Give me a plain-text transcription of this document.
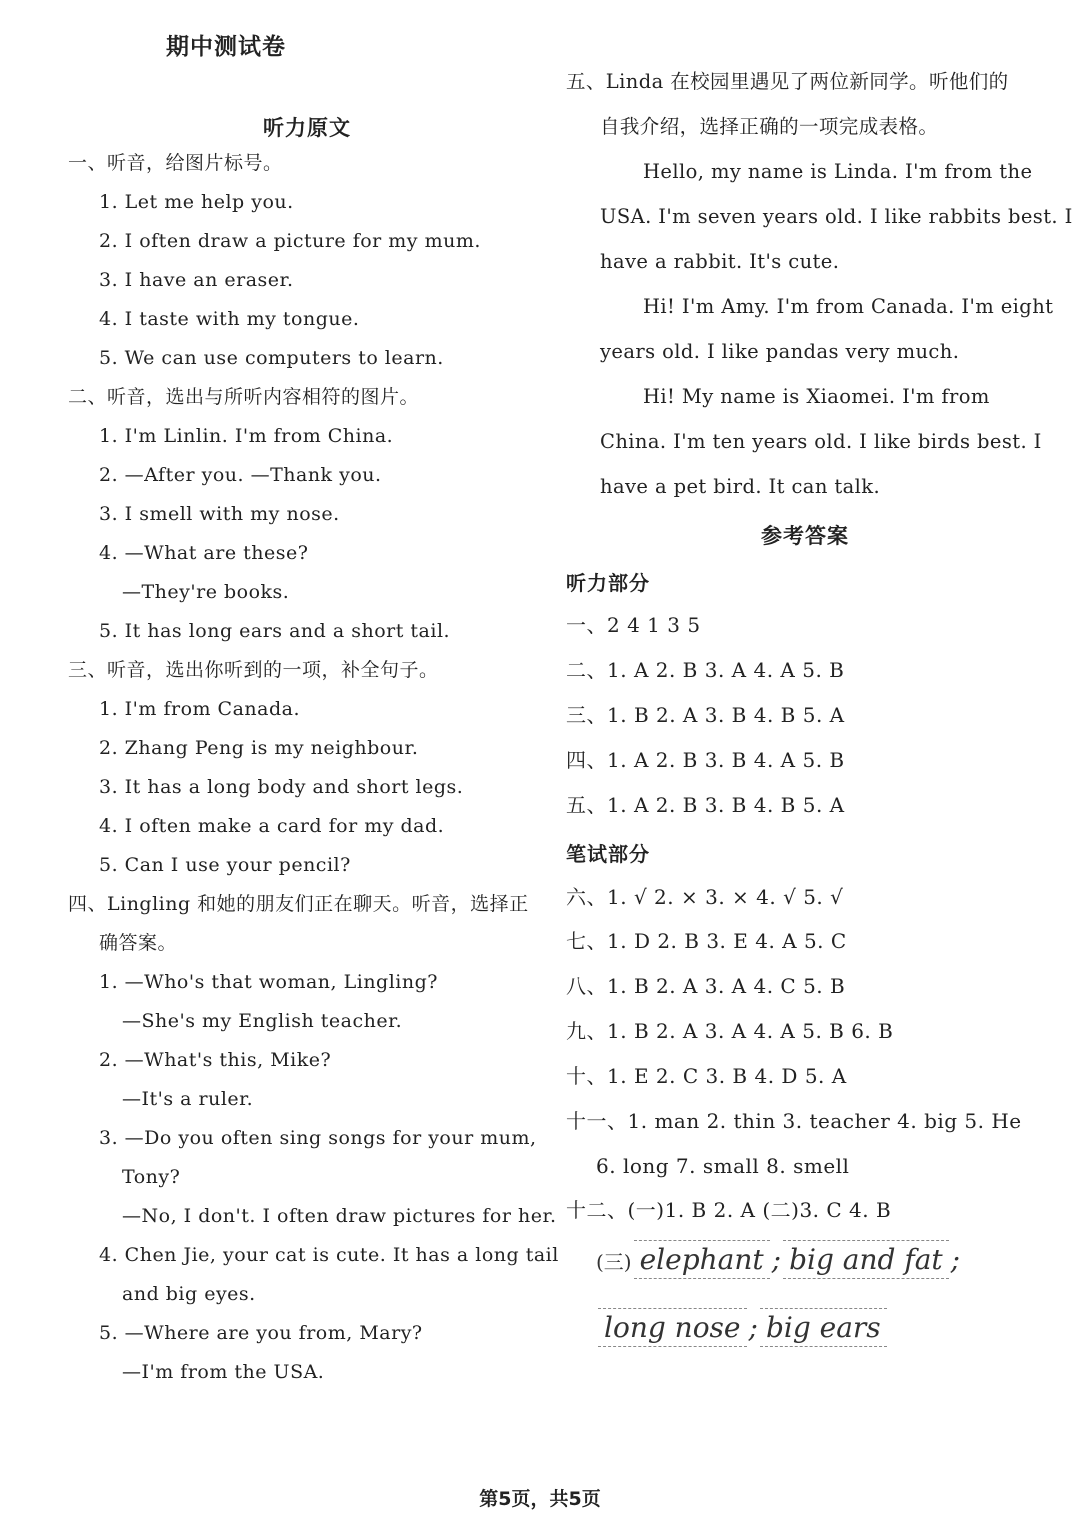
期中测试卷
听力原文
一、听音，给图片标号。
1. Let me help you.
2. I often draw a picture for my mum.
3. I have an eraser.
4. I taste with my tongue.
5. We can use computers to learn.
二、听音，选出与所听内容相符的图片。
1. I'm Linlin. I'm from China.
2. —After you. —Thank you.
3. I smell with my nose.
4. —What are these?
—They're books.
5. It has long ears and a short tail.
三、听音，选出你听到的一项，补全句子。
1. I'm from Canada.
2. Zhang Peng is my neighbour.
3. It has a long body and short legs.
4. I often make a card for my dad.
5. Can I use your pencil?
四、Lingling 和她的朋友们正在聊天。听音，选择正
确答案。
1. —Who's that woman, Lingling?
—She's my English teacher.
2. —What's this, Mike?
—It's a ruler.
3. —Do you often sing songs for your mum,
Tony?
—No, I don't. I often draw pictures for her.
4. Chen Jie, your cat is cute. It has a long tail
and big eyes.
5. —Where are you from, Mary?
—I'm from the USA.
五、Linda 在校园里遇见了两位新同学。听他们的
自我介绍，选择正确的一项完成表格。
Hello, my name is Linda. I'm from the
USA. I'm seven years old. I like rabbits best. I
have a rabbit. It's cute.
Hi! I'm Amy. I'm from Canada. I'm eight
years old. I like pandas very much.
Hi! My name is Xiaomei. I'm from
China. I'm ten years old. I like birds best. I
have a pet bird. It can talk.
参考答案
听力部分
一、2 4 1 3 5
二、1. A 2. B 3. A 4. A 5. B
三、1. B 2. A 3. B 4. B 5. A
四、1. A 2. B 3. B 4. A 5. B
五、1. A 2. B 3. B 4. B 5. A
笔试部分
六、1. √ 2. × 3. × 4. √ 5. √
七、1. D 2. B 3. E 4. A 5. C
八、1. B 2. A 3. A 4. C 5. B
九、1. B 2. A 3. A 4. A 5. B 6. B
十、1. E 2. C 3. B 4. D 5. A
十一、1. man 2. thin 3. teacher 4. big 5. He
6. long 7. small 8. smell
十二、(一)1. B 2. A (二)3. C 4. B
(三) elephant ; big and fat ;
long nose ; big ears
第5页，共5页
